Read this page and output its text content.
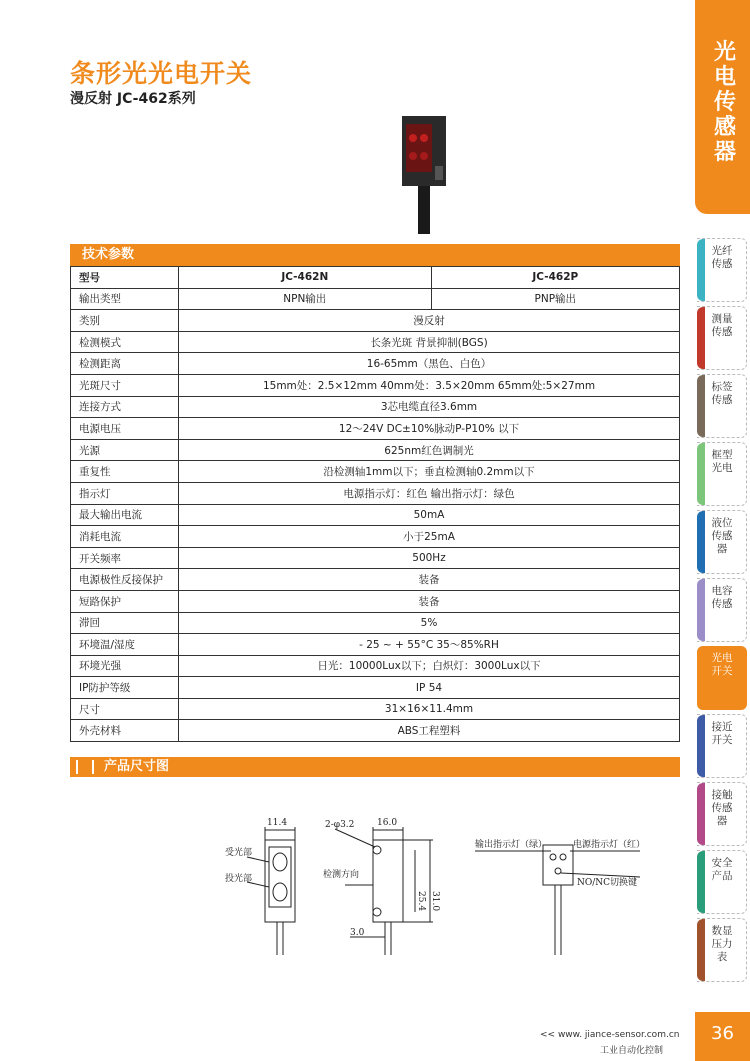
条形光光电开关
漫反射 JC-462系列
技术参数
型号	JC-462N	JC-462P
输出类型	NPN输出	PNP输出
类别	漫反射	
检测模式	长条光斑 背景抑制(BGS)	
检测距离	16-65mm（黑色、白色）	
光斑尺寸	15mm处：2.5×12mm 40mm处：3.5×20mm 65mm处:5×27mm	
连接方式	3芯电缆直径3.6mm	
电源电压	12～24V DC±10%脉动P-P10% 以下	
光源	625nm红色调制光	
重复性	沿检测轴1mm以下；垂直检测轴0.2mm以下	
指示灯	电源指示灯：红色 输出指示灯：绿色	
最大输出电流	50mA	
消耗电流	小于25mA	
开关频率	500Hz	
电源极性反接保护	装备	
短路保护	装备	
滞回	5%	
环境温/湿度	- 25 ~ + 55°C 35～85%RH	
环境光强	日光：10000Lux以下；白炽灯：3000Lux以下	
IP防护等级	IP 54	
尺寸	31×16×11.4mm	
外壳材料	ABS工程塑料	
产品尺寸图
11.4	2-φ3.2	16.0
受光部
投光部	检测方向
25.4 31.0
3.0
输出指示灯（绿）	电源指示灯（红）
NO/NC切换键
光电传感器
光纤传感
测量传感
标签传感
框型光电
液位传感器
电容传感
光电开关
接近开关
接触传感器
安全产品
数显压力表
<< www. jiance-sensor.com.cn
工业自动化控制
36
